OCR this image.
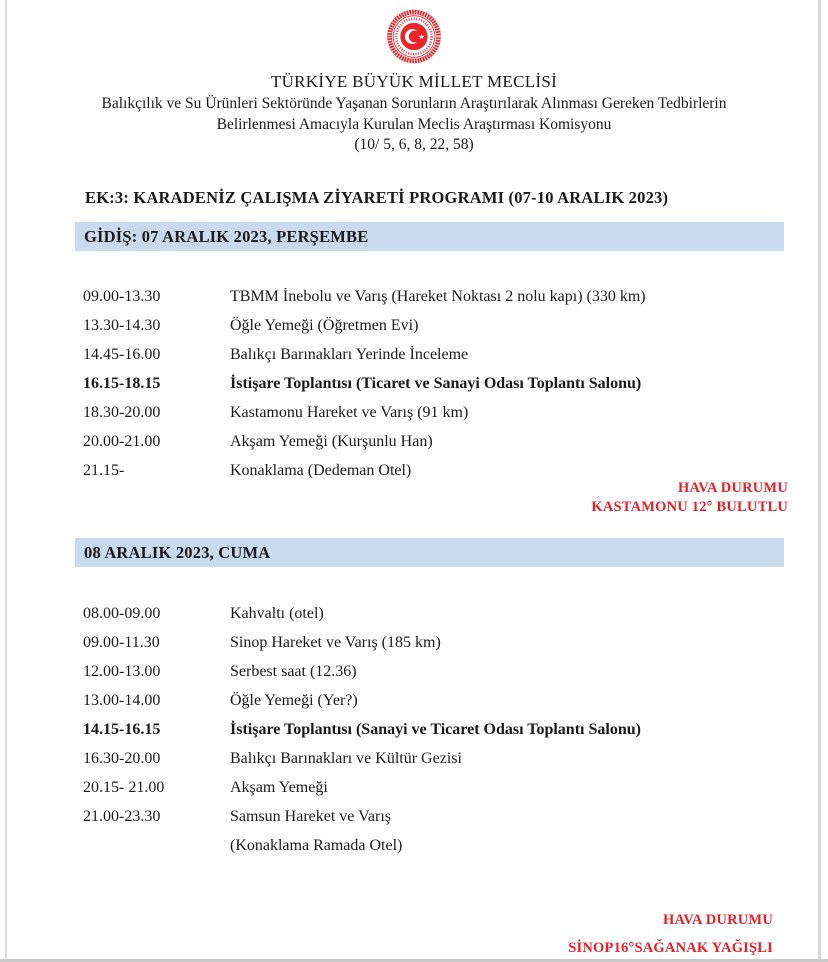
★
TÜRKİYE BÜYÜK MİLLET MECLİSİ
Balıkçılık ve Su Ürünleri Sektöründe Yaşanan Sorunların Araştırılarak Alınması Gereken Tedbirlerin
Belirlenmesi Amacıyla Kurulan Meclis Araştırması Komisyonu
(10/ 5, 6, 8, 22, 58)
EK:3: KARADENİZ ÇALIŞMA ZİYARETİ PROGRAMI (07-10 ARALIK 2023)
GİDİŞ: 07 ARALIK 2023, PERŞEMBE
09.00-13.30	TBMM İnebolu ve Varış (Hareket Noktası 2 nolu kapı) (330 km)
13.30-14.30	Öğle Yemeği (Öğretmen Evi)
14.45-16.00	Balıkçı Barınakları Yerinde İnceleme
16.15-18.15	İstişare Toplantısı (Ticaret ve Sanayi Odası Toplantı Salonu)
18.30-20.00	Kastamonu Hareket ve Varış (91 km)
20.00-21.00	Akşam Yemeği (Kurşunlu Han)
21.15-	Konaklama (Dedeman Otel)
HAVA DURUMU
KASTAMONU 12° BULUTLU
08 ARALIK 2023, CUMA
08.00-09.00	Kahvaltı (otel)
09.00-11.30	Sinop Hareket ve Varış (185 km)
12.00-13.00	Serbest saat (12.36)
13.00-14.00	Öğle Yemeği (Yer?)
14.15-16.15	İstişare Toplantısı (Sanayi ve Ticaret Odası Toplantı Salonu)
16.30-20.00	Balıkçı Barınakları ve Kültür Gezisi
20.15- 21.00	Akşam Yemeği
21.00-23.30	Samsun Hareket ve Varış
(Konaklama Ramada Otel)
HAVA DURUMU
SİNOP16°SAĞANAK YAĞIŞLI
